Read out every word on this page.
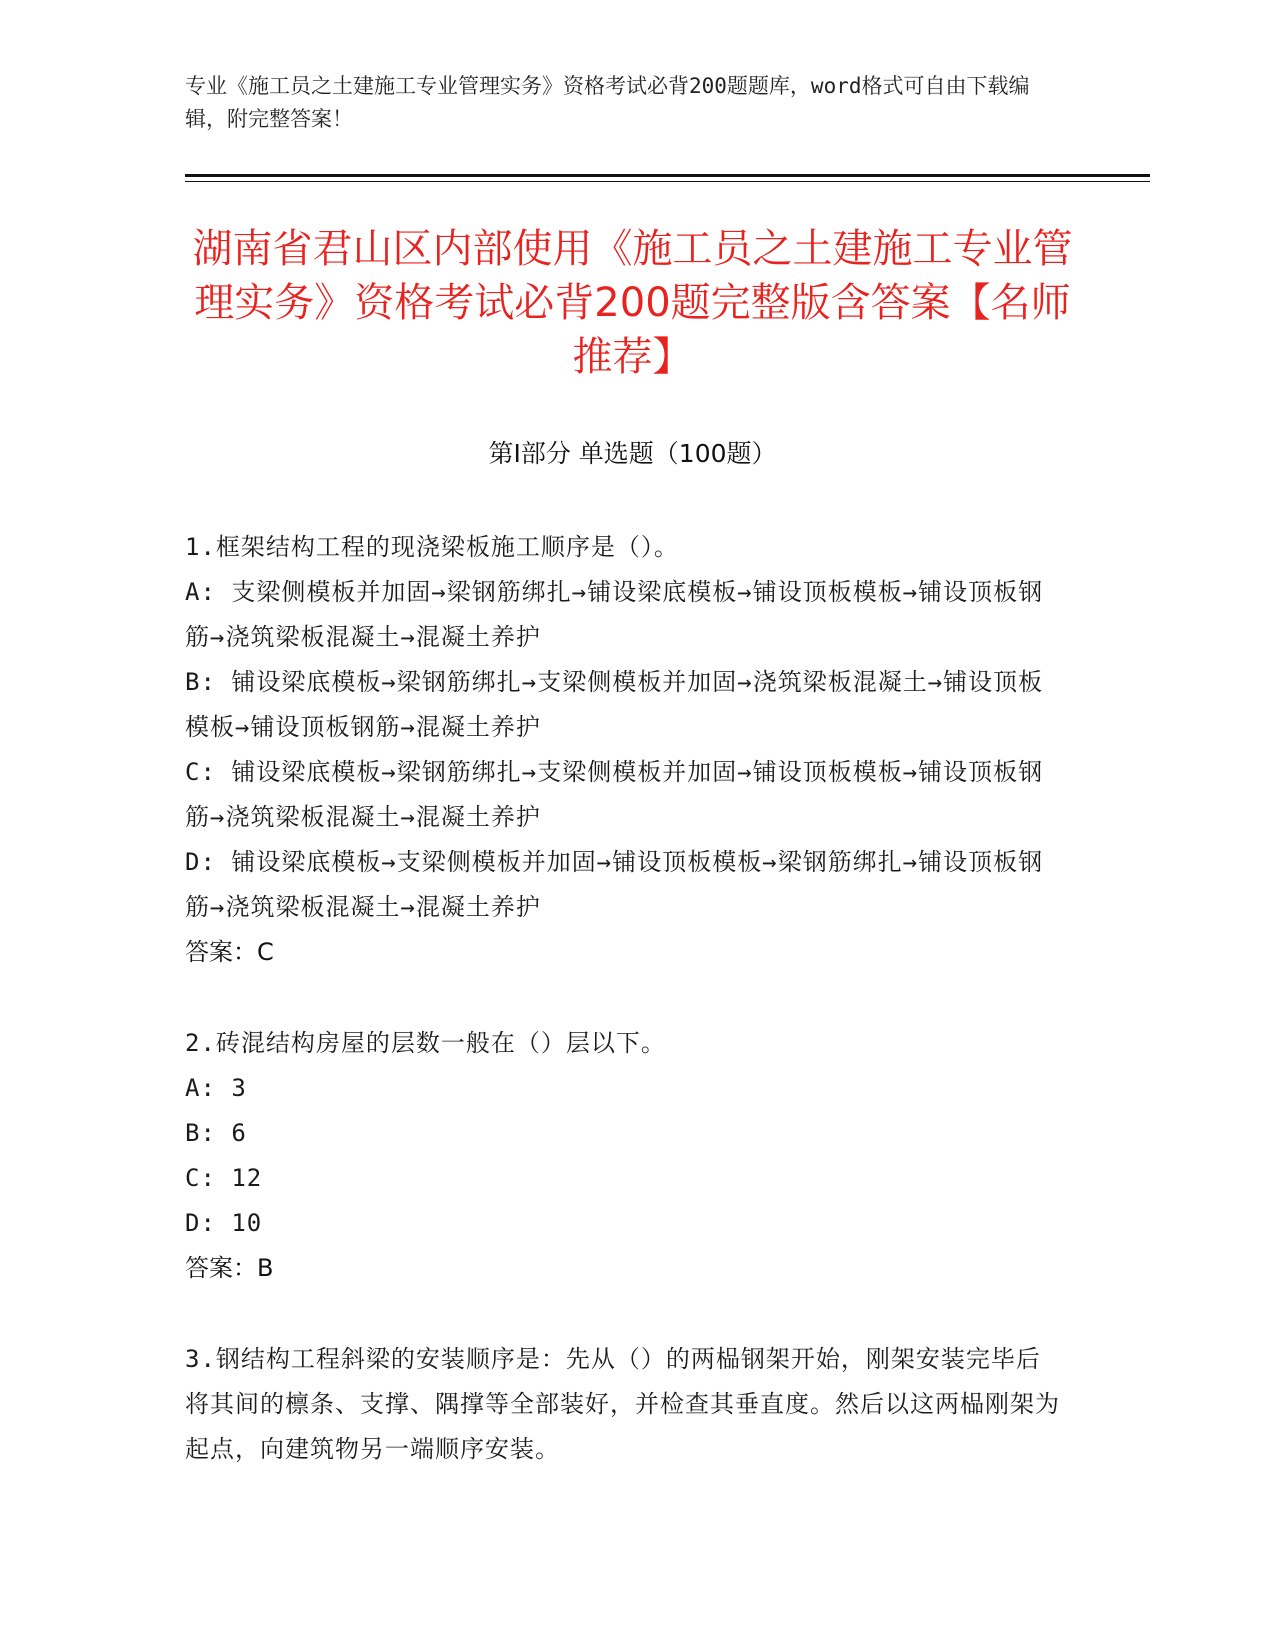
专业《施工员之土建施工专业管理实务》资格考试必背200题题库，word格式可自由下载编辑，附完整答案！
湖南省君山区内部使用《施工员之土建施工专业管理实务》资格考试必背200题完整版含答案【名师推荐】
第I部分 单选题（100题）
1.框架结构工程的现浇梁板施工顺序是（）。
A: 支梁侧模板并加固→梁钢筋绑扎→铺设梁底模板→铺设顶板模板→铺设顶板钢筋→浇筑梁板混凝土→混凝土养护
B: 铺设梁底模板→梁钢筋绑扎→支梁侧模板并加固→浇筑梁板混凝土→铺设顶板模板→铺设顶板钢筋→混凝土养护
C: 铺设梁底模板→梁钢筋绑扎→支梁侧模板并加固→铺设顶板模板→铺设顶板钢筋→浇筑梁板混凝土→混凝土养护
D: 铺设梁底模板→支梁侧模板并加固→铺设顶板模板→梁钢筋绑扎→铺设顶板钢筋→浇筑梁板混凝土→混凝土养护
答案：C
2.砖混结构房屋的层数一般在（）层以下。
A: 3
B: 6
C: 12
D: 10
答案：B
3.钢结构工程斜梁的安装顺序是：先从（）的两榀钢架开始，刚架安装完毕后将其间的檩条、支撑、隅撑等全部装好，并检查其垂直度。然后以这两榀刚架为起点，向建筑物另一端顺序安装。
